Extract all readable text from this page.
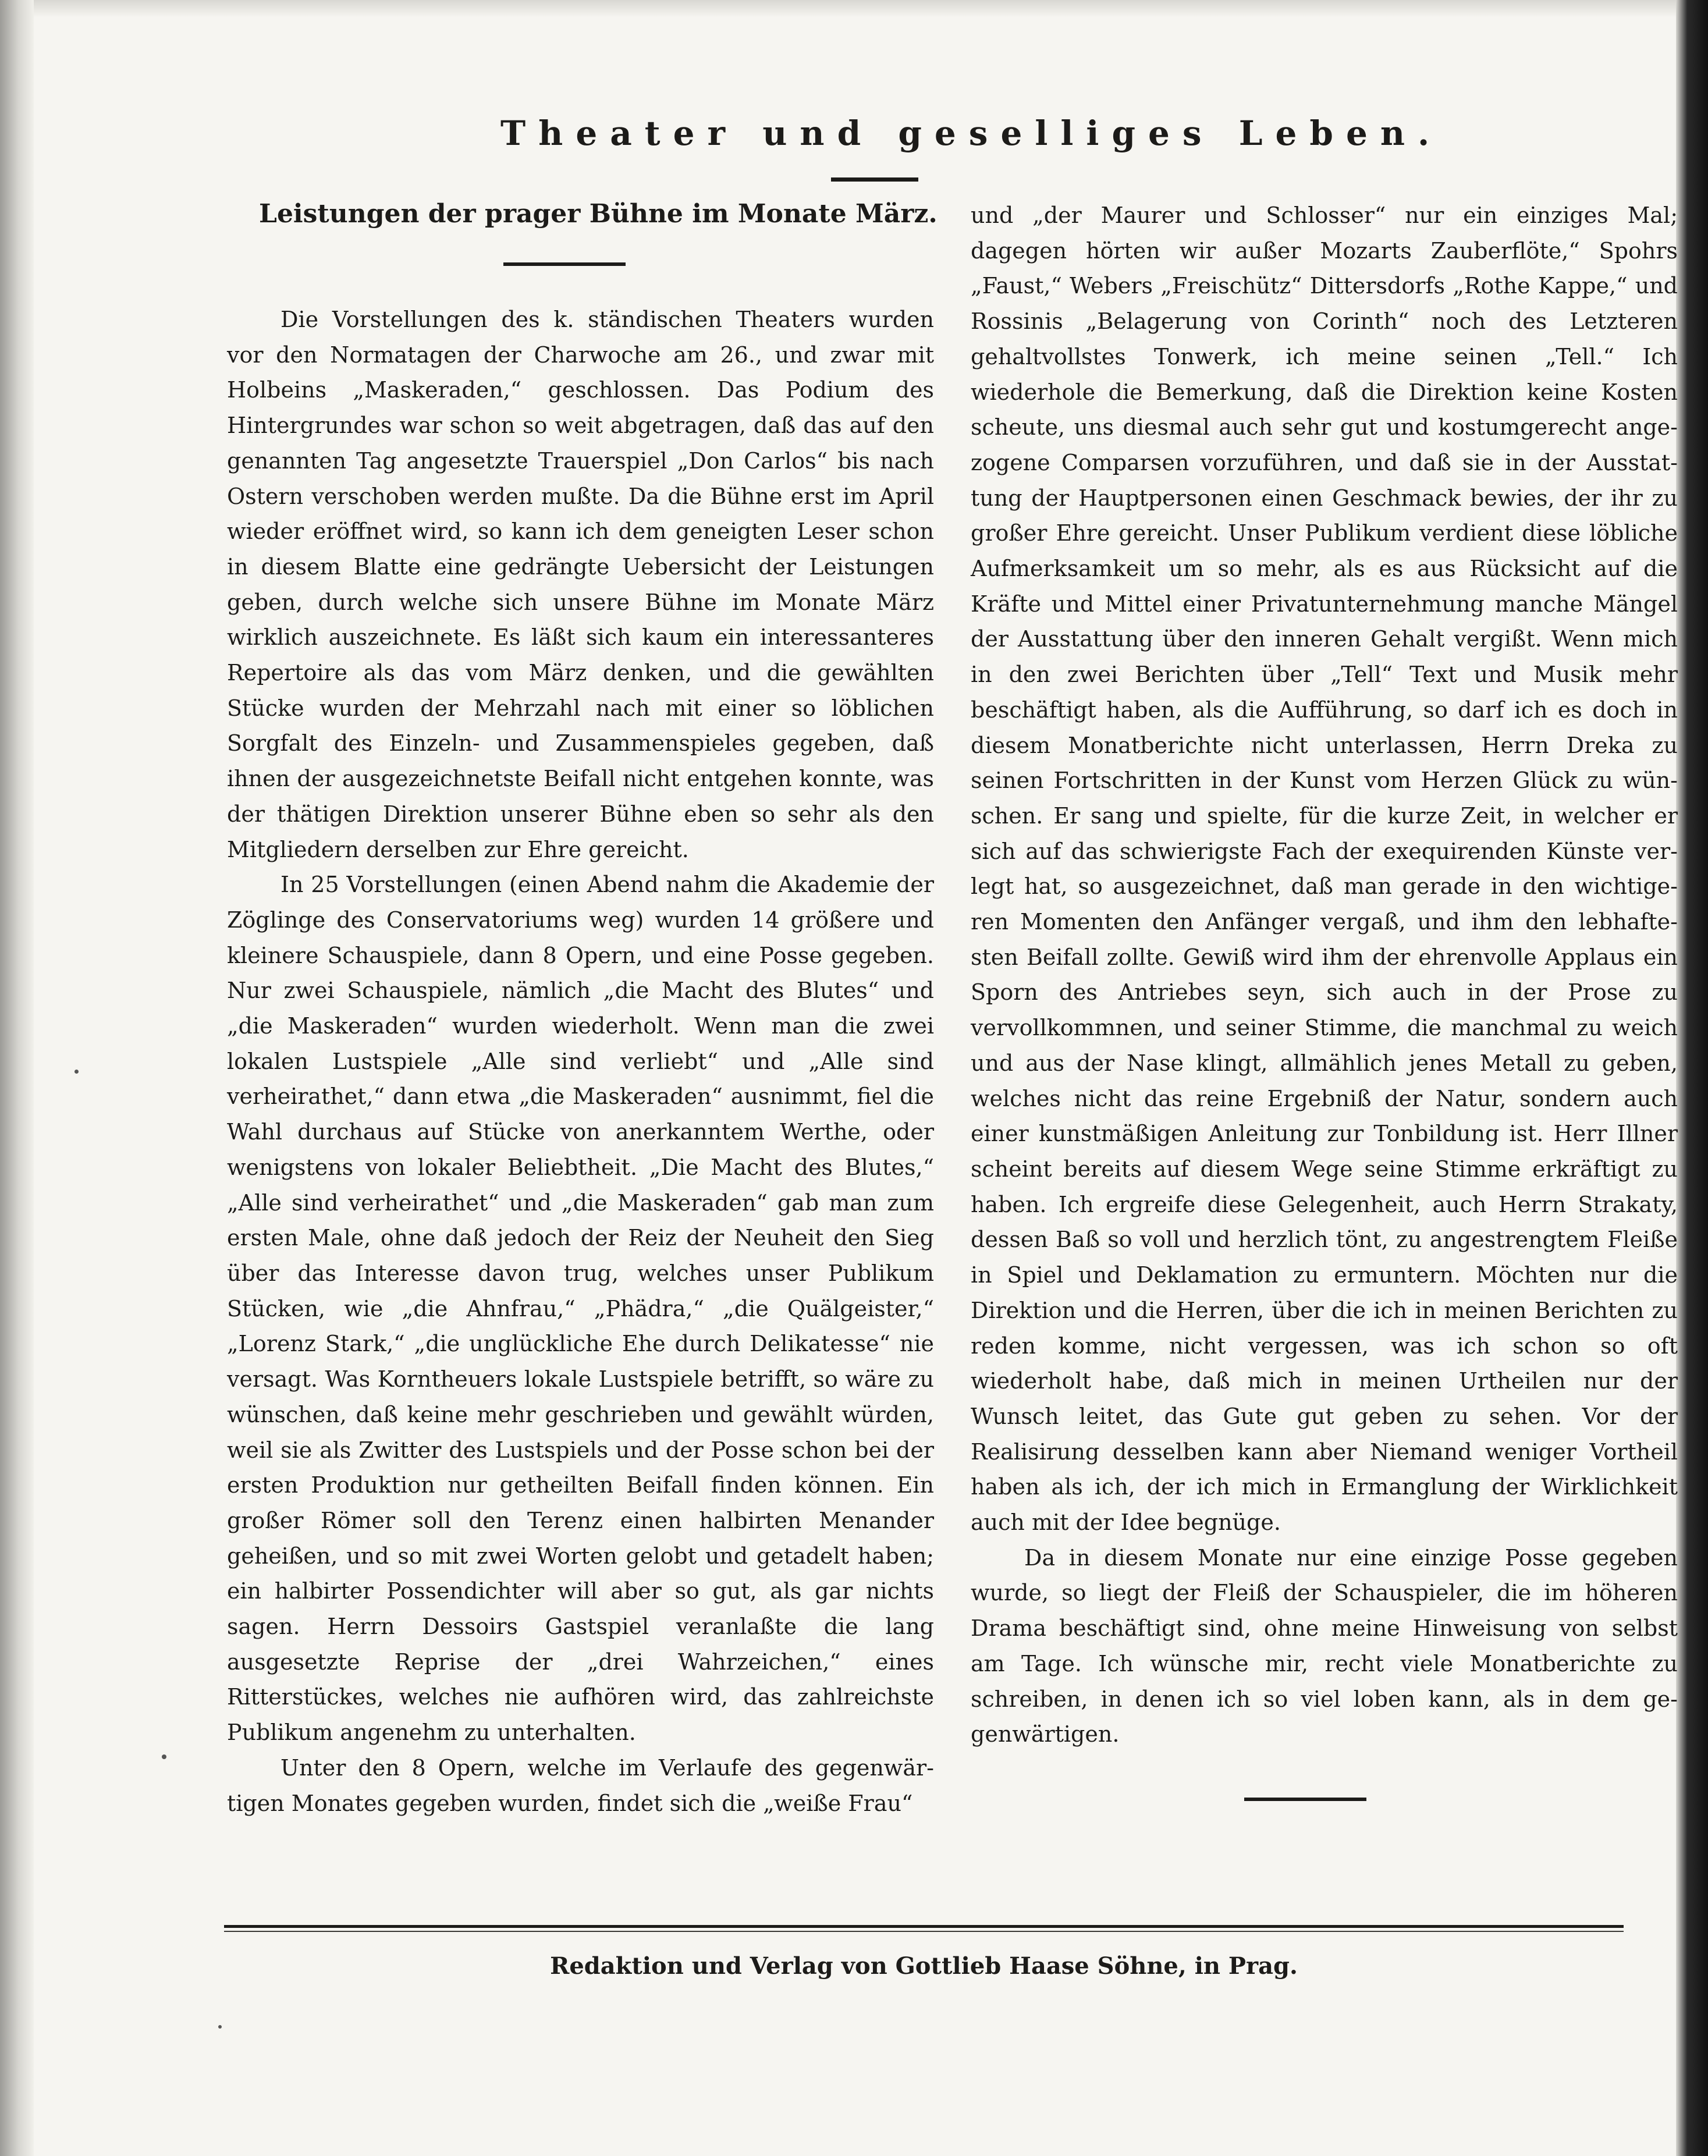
Theater und geselliges Leben.
Leistungen der prager Bühne im Monate März.

Die Vorstellungen des k. ständischen Theaters wurden vor den Normatagen der Charwoche am 26., und zwar mit Holbeins „Maskeraden,“ geschlossen. Das Podium des Hintergrundes war schon so weit abgetragen, daß das auf den genannten Tag angesetzte Trauerspiel „Don Carlos“ bis nach Ostern verschoben werden mußte. Da die Bühne erst im April wieder eröffnet wird, so kann ich dem geneigten Leser schon in diesem Blatte eine gedrängte Uebersicht der Leistungen geben, durch welche sich unsere Bühne im Monate März wirklich auszeichnete. Es läßt sich kaum ein interessanteres Repertoire als das vom März denken, und die gewählten Stücke wurden der Mehrzahl nach mit einer so löblichen Sorgfalt des Einzeln- und Zusammenspieles gegeben, daß ihnen der ausgezeichnetste Beifall nicht entgehen konnte, was der thätigen Direktion unserer Bühne eben so sehr als den Mitgliedern derselben zur Ehre gereicht.

In 25 Vorstellungen (einen Abend nahm die Akademie der Zöglinge des Conservatoriums weg) wurden 14 größere und kleinere Schauspiele, dann 8 Opern, und eine Posse gegeben. Nur zwei Schauspiele, nämlich „die Macht des Blutes“ und „die Maskeraden“ wurden wiederholt. Wenn man die zwei lokalen Lustspiele „Alle sind verliebt“ und „Alle sind verheirathet,“ dann etwa „die Maskeraden“ ausnimmt, fiel die Wahl durchaus auf Stücke von anerkanntem Werthe, oder wenigstens von lokaler Beliebtheit. „Die Macht des Blutes,“ „Alle sind verheirathet“ und „die Maskeraden“ gab man zum ersten Male, ohne daß jedoch der Reiz der Neuheit den Sieg über das Interesse davon trug, welches unser Publikum Stücken, wie „die Ahnfrau,“ „Phädra,“ „die Quälgeister,“ „Lorenz Stark,“ „die unglückliche Ehe durch Delikatesse“ nie versagt. Was Korntheuers lokale Lustspiele betrifft, so wäre zu wünschen, daß keine mehr geschrieben und gewählt würden, weil sie als Zwitter des Lustspiels und der Posse schon bei der ersten Produktion nur getheilten Beifall finden können. Ein großer Römer soll den Terenz einen halbirten Menander geheißen, und so mit zwei Worten gelobt und getadelt haben; ein halbirter Possendichter will aber so gut, als gar nichts sagen. Herrn Dessoirs Gastspiel veranlaßte die lang ausgesetzte Reprise der „drei Wahrzeichen,“ eines Ritterstückes, welches nie aufhören wird, das zahlreichste Publikum angenehm zu unterhalten.

Unter den 8 Opern, welche im Verlaufe des gegenwärtigen Monates gegeben wurden, findet sich die „weiße Frau“

und „der Maurer und Schlosser“ nur ein einziges Mal; dagegen hörten wir außer Mozarts Zauberflöte,“ Spohrs „Faust,“ Webers „Freischütz“ Dittersdorfs „Rothe Kappe,“ und Rossinis „Belagerung von Corinth“ noch des Letzteren gehaltvollstes Tonwerk, ich meine seinen „Tell.“ Ich wiederhole die Bemerkung, daß die Direktion keine Kosten scheute, uns diesmal auch sehr gut und kostumgerecht angezogene Comparsen vorzuführen, und daß sie in der Ausstattung der Hauptpersonen einen Geschmack bewies, der ihr zu großer Ehre gereicht. Unser Publikum verdient diese löbliche Aufmerksamkeit um so mehr, als es aus Rücksicht auf die Kräfte und Mittel einer Privatunternehmung manche Mängel der Ausstattung über den inneren Gehalt vergißt. Wenn mich in den zwei Berichten über „Tell“ Text und Musik mehr beschäftigt haben, als die Aufführung, so darf ich es doch in diesem Monatberichte nicht unterlassen, Herrn Dreka zu seinen Fortschritten in der Kunst vom Herzen Glück zu wünschen. Er sang und spielte, für die kurze Zeit, in welcher er sich auf das schwierigste Fach der exequirenden Künste verlegt hat, so ausgezeichnet, daß man gerade in den wichtigeren Momenten den Anfänger vergaß, und ihm den lebhaftesten Beifall zollte. Gewiß wird ihm der ehrenvolle Applaus ein Sporn des Antriebes seyn, sich auch in der Prose zu vervollkommnen, und seiner Stimme, die manchmal zu weich und aus der Nase klingt, allmählich jenes Metall zu geben, welches nicht das reine Ergebniß der Natur, sondern auch einer kunstmäßigen Anleitung zur Tonbildung ist. Herr Illner scheint bereits auf diesem Wege seine Stimme erkräftigt zu haben. Ich ergreife diese Gelegenheit, auch Herrn Strakaty, dessen Baß so voll und herzlich tönt, zu angestrengtem Fleiße in Spiel und Deklamation zu ermuntern. Möchten nur die Direktion und die Herren, über die ich in meinen Berichten zu reden komme, nicht vergessen, was ich schon so oft wiederholt habe, daß mich in meinen Urtheilen nur der Wunsch leitet, das Gute gut geben zu sehen. Vor der Realisirung desselben kann aber Niemand weniger Vortheil haben als ich, der ich mich in Ermanglung der Wirklichkeit auch mit der Idee begnüge.

Da in diesem Monate nur eine einzige Posse gegeben wurde, so liegt der Fleiß der Schauspieler, die im höheren Drama beschäftigt sind, ohne meine Hinweisung von selbst am Tage. Ich wünsche mir, recht viele Monatberichte zu schreiben, in denen ich so viel loben kann, als in dem gegenwärtigen.

Redaktion und Verlag von Gottlieb Haase Söhne, in Prag.
